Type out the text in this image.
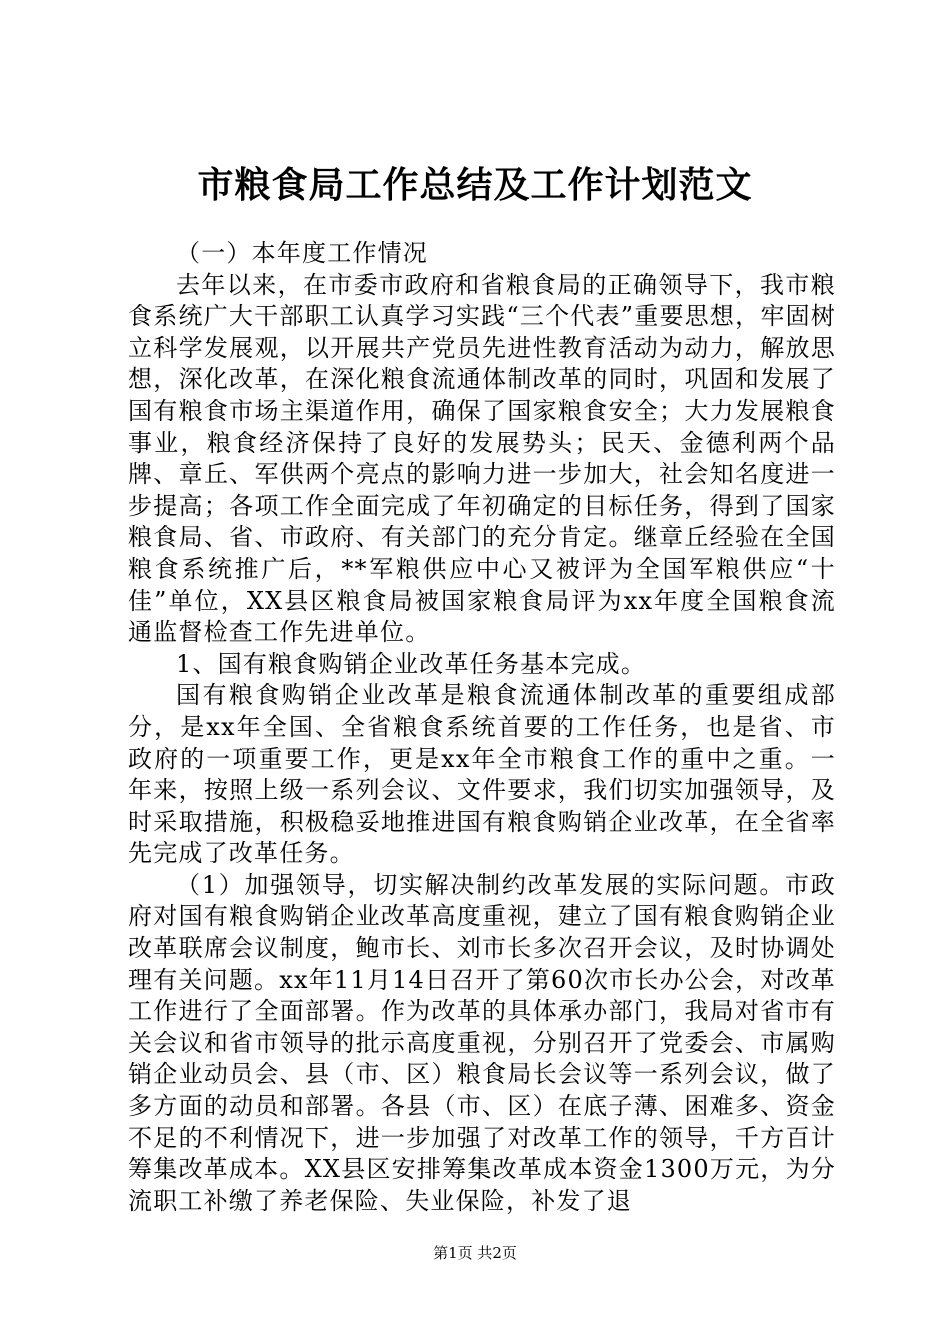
市粮食局工作总结及工作计划范文

（一）本年度工作情况

去年以来，在市委市政府和省粮食局的正确领导下，我市粮食系统广大干部职工认真学习实践“三个代表”重要思想，牢固树立科学发展观，以开展共产党员先进性教育活动为动力，解放思想，深化改革，在深化粮食流通体制改革的同时，巩固和发展了国有粮食市场主渠道作用，确保了国家粮食安全；大力发展粮食事业，粮食经济保持了良好的发展势头；民天、金德利两个品牌、章丘、军供两个亮点的影响力进一步加大，社会知名度进一步提高；各项工作全面完成了年初确定的目标任务，得到了国家粮食局、省、市政府、有关部门的充分肯定。继章丘经验在全国粮食系统推广后，**军粮供应中心又被评为全国军粮供应“十佳”单位，XX县区粮食局被国家粮食局评为xx年度全国粮食流通监督检查工作先进单位。

1、国有粮食购销企业改革任务基本完成。

国有粮食购销企业改革是粮食流通体制改革的重要组成部分，是xx年全国、全省粮食系统首要的工作任务，也是省、市政府的一项重要工作，更是xx年全市粮食工作的重中之重。一年来，按照上级一系列会议、文件要求，我们切实加强领导，及时采取措施，积极稳妥地推进国有粮食购销企业改革，在全省率先完成了改革任务。

（1）加强领导，切实解决制约改革发展的实际问题。市政府对国有粮食购销企业改革高度重视，建立了国有粮食购销企业改革联席会议制度，鲍市长、刘市长多次召开会议，及时协调处理有关问题。xx年11月14日召开了第60次市长办公会，对改革工作进行了全面部署。作为改革的具体承办部门，我局对省市有关会议和省市领导的批示高度重视，分别召开了党委会、市属购销企业动员会、县（市、区）粮食局长会议等一系列会议，做了多方面的动员和部署。各县（市、区）在底子薄、困难多、资金不足的不利情况下，进一步加强了对改革工作的领导，千方百计筹集改革成本。XX县区安排筹集改革成本资金1300万元，为分流职工补缴了养老保险、失业保险，补发了退

第1页 共2页
